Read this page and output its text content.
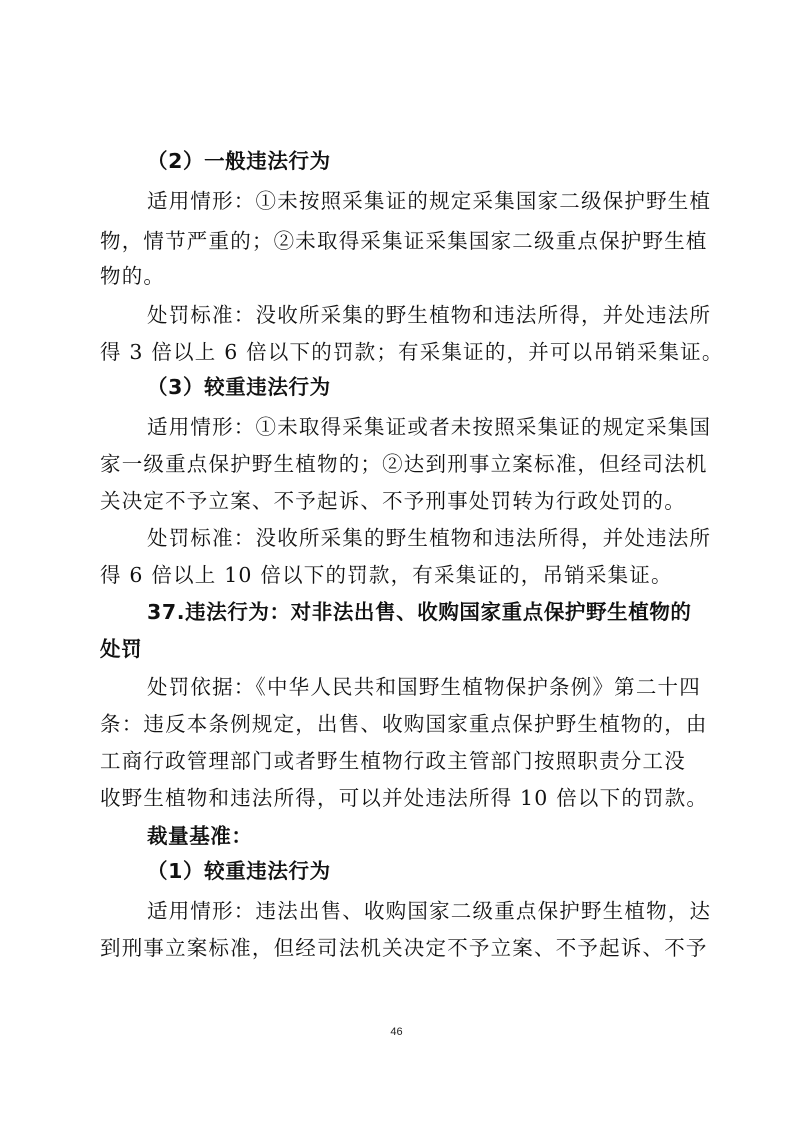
（2）一般违法行为
适用情形：①未按照采集证的规定采集国家二级保护野生植
物，情节严重的；②未取得采集证采集国家二级重点保护野生植
物的。
处罚标准：没收所采集的野生植物和违法所得，并处违法所
得 3 倍以上 6 倍以下的罚款；有采集证的，并可以吊销采集证。
（3）较重违法行为
适用情形：①未取得采集证或者未按照采集证的规定采集国
家一级重点保护野生植物的；②达到刑事立案标准，但经司法机
关决定不予立案、不予起诉、不予刑事处罚转为行政处罚的。
处罚标准：没收所采集的野生植物和违法所得，并处违法所
得 6 倍以上 10 倍以下的罚款，有采集证的，吊销采集证。
37.违法行为：对非法出售、收购国家重点保护野生植物的
处罚
处罚依据：《中华人民共和国野生植物保护条例》第二十四
条：违反本条例规定，出售、收购国家重点保护野生植物的，由
工商行政管理部门或者野生植物行政主管部门按照职责分工没
收野生植物和违法所得，可以并处违法所得 10 倍以下的罚款。
裁量基准：
（1）较重违法行为
适用情形：违法出售、收购国家二级重点保护野生植物，达
到刑事立案标准，但经司法机关决定不予立案、不予起诉、不予
46
